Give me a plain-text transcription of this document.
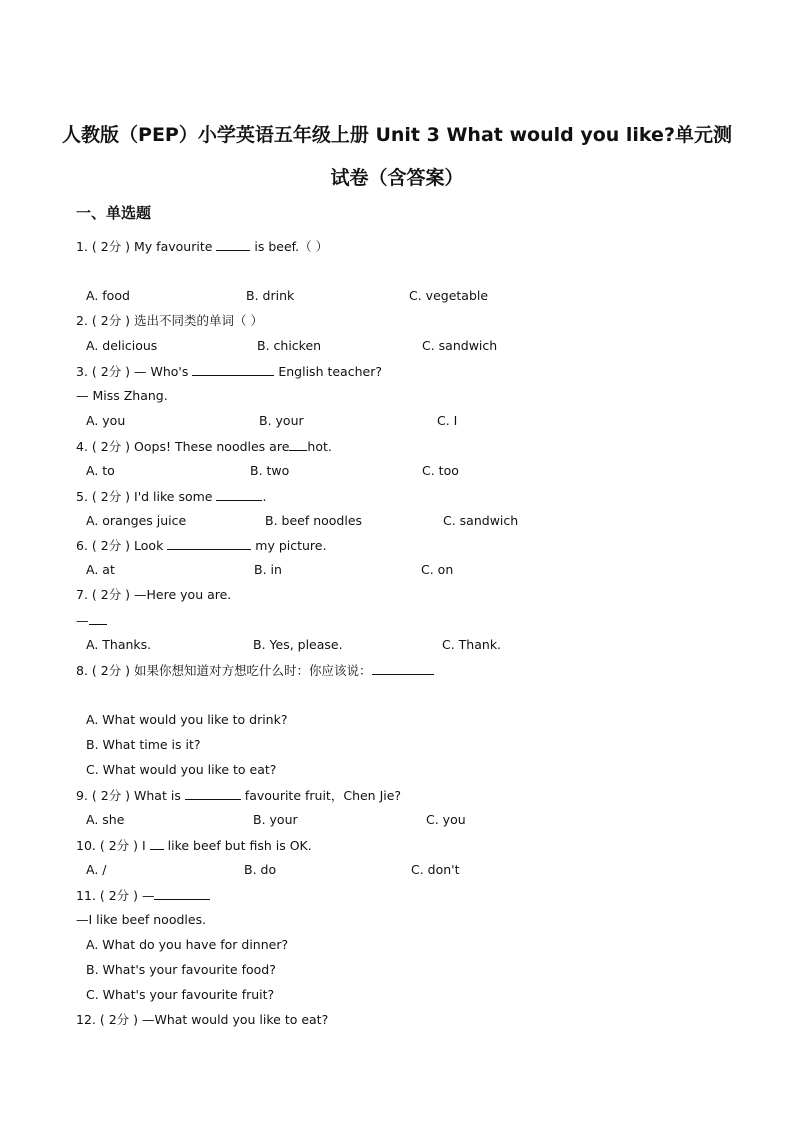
人教版（PEP）小学英语五年级上册 Unit 3 What would you like?单元测试卷（含答案）
一、单选题
1. ( 2分 ) My favourite	is beef.（ ）
A. food	B. drink	C. vegetable
2. ( 2分 ) 选出不同类的单词（ ）
A. delicious	B. chicken	C. sandwich
3. ( 2分 ) — Who's	English teacher?
— Miss Zhang.
A. you	B. your	C. I
4. ( 2分 ) Oops! These noodles are hot.
A. to	B. two	C. too
5. ( 2分 ) I'd like some	.
A. oranges juice	B. beef noodles	C. sandwich
6. ( 2分 ) Look	my picture.
A. at	B. in	C. on
7. ( 2分 ) —Here you are.
—
A. Thanks.	B. Yes, please.	C. Thank.
8. ( 2分 ) 如果你想知道对方想吃什么时：你应该说：
A. What would you like to drink?
B. What time is it?
C. What would you like to eat?
9. ( 2分 ) What is	favourite fruit，Chen Jie?
A. she	B. your	C. you
10. ( 2分 ) I like beef but fish is OK.
A. /	B. do	C. don't
11. ( 2分 ) —
—I like beef noodles.
A. What do you have for dinner?
B. What's your favourite food?
C. What's your favourite fruit?
12. ( 2分 ) —What would you like to eat?
